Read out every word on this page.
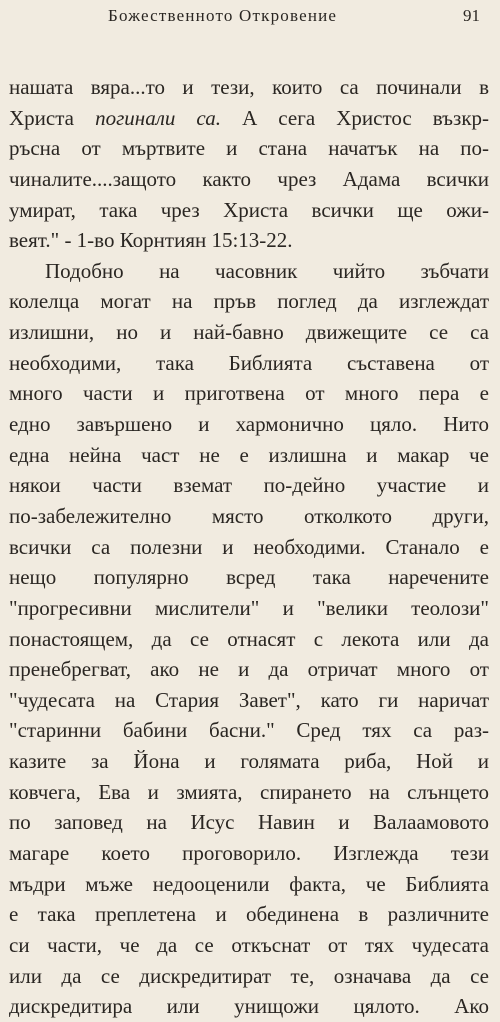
Божественното Откровение	91
нашата вяра...то и тези, които са починали в
Христа погинали са. А сега Христос възкр-
ръсна от мъртвите и стана начатък на по-
чиналите....защото както чрез Адама всички
умират, така чрез Христа всички ще ожи-
веят." - 1-во Корнтиян 15:13-22.
Подобно на часовник чийто зъбчати
колелца могат на пръв поглед да изглеждат
излишни, но и най-бавно движещите се са
необходими, така Библията съставена от
много части и приготвена от много пера е
едно завършено и хармонично цяло. Нито
една нейна част не е излишна и макар че
някои части вземат по-дейно участие и
по-забележително място отколкото други,
всички са полезни и необходими. Станало е
нещо популярно всред така наречените
"прогресивни мислители" и "велики теолози"
понастоящем, да се отнасят с лекота или да
пренебрегват, ако не и да отричат много от
"чудесата на Стария Завет", като ги наричат
"старинни бабини басни." Сред тях са раз-
казите за Йона и голямата риба, Ной и
ковчега, Ева и змията, спирането на слънцето
по заповед на Исус Навин и Валаамовото
магаре което проговорило. Изглежда тези
мъдри мъже недооценили факта, че Библията
е така преплетена и обединена в различните
си части, че да се откъснат от тях чудесата
или да се дискредитират те, означава да се
дискредитира или унищожи цялото. Ако
